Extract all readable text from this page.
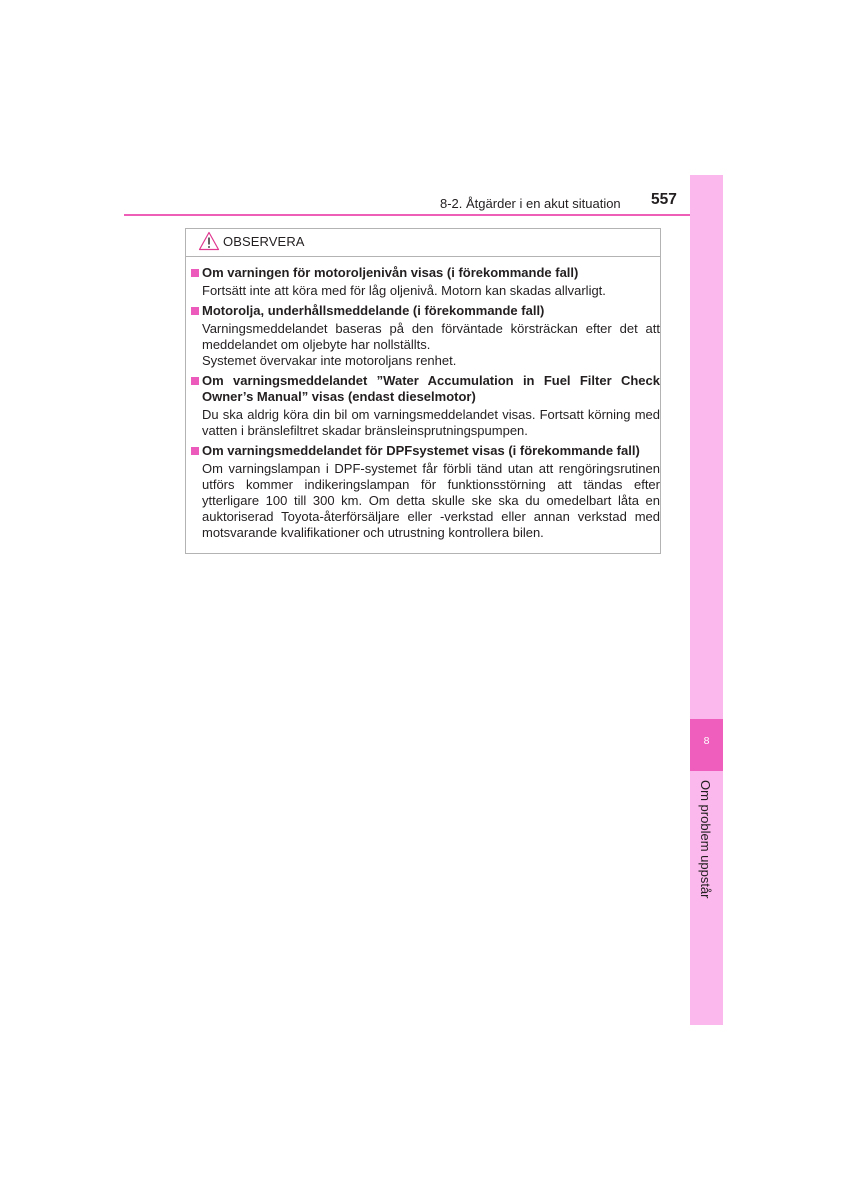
8-2. Åtgärder i en akut situation 557
8
Om problem uppstår
OBSERVERA
Om varningen för motoroljenivån visas (i förekommande fall)

Fortsätt inte att köra med för låg oljenivå. Motorn kan skadas allvarligt.

Motorolja, underhållsmeddelande (i förekommande fall)

Varningsmeddelandet baseras på den förväntade körsträckan efter det att meddelandet om oljebyte har nollställts.

Systemet övervakar inte motoroljans renhet.

Om varningsmeddelandet ”Water Accumulation in Fuel Filter Check Owner’s Manual” visas (endast dieselmotor)

Du ska aldrig köra din bil om varningsmeddelandet visas. Fortsatt körning med vatten i bränslefiltret skadar bränsleinsprutningspumpen.

Om varningsmeddelandet för DPFsystemet visas (i förekommande fall)

Om varningslampan i DPF-systemet får förbli tänd utan att rengöringsrutinen utförs kommer indikeringslampan för funktionsstörning att tändas efter ytterligare 100 till 300 km. Om detta skulle ske ska du omedelbart låta en auktoriserad Toyota-återförsäljare eller -verkstad eller annan verkstad med motsvarande kvalifikationer och utrustning kontrollera bilen.
